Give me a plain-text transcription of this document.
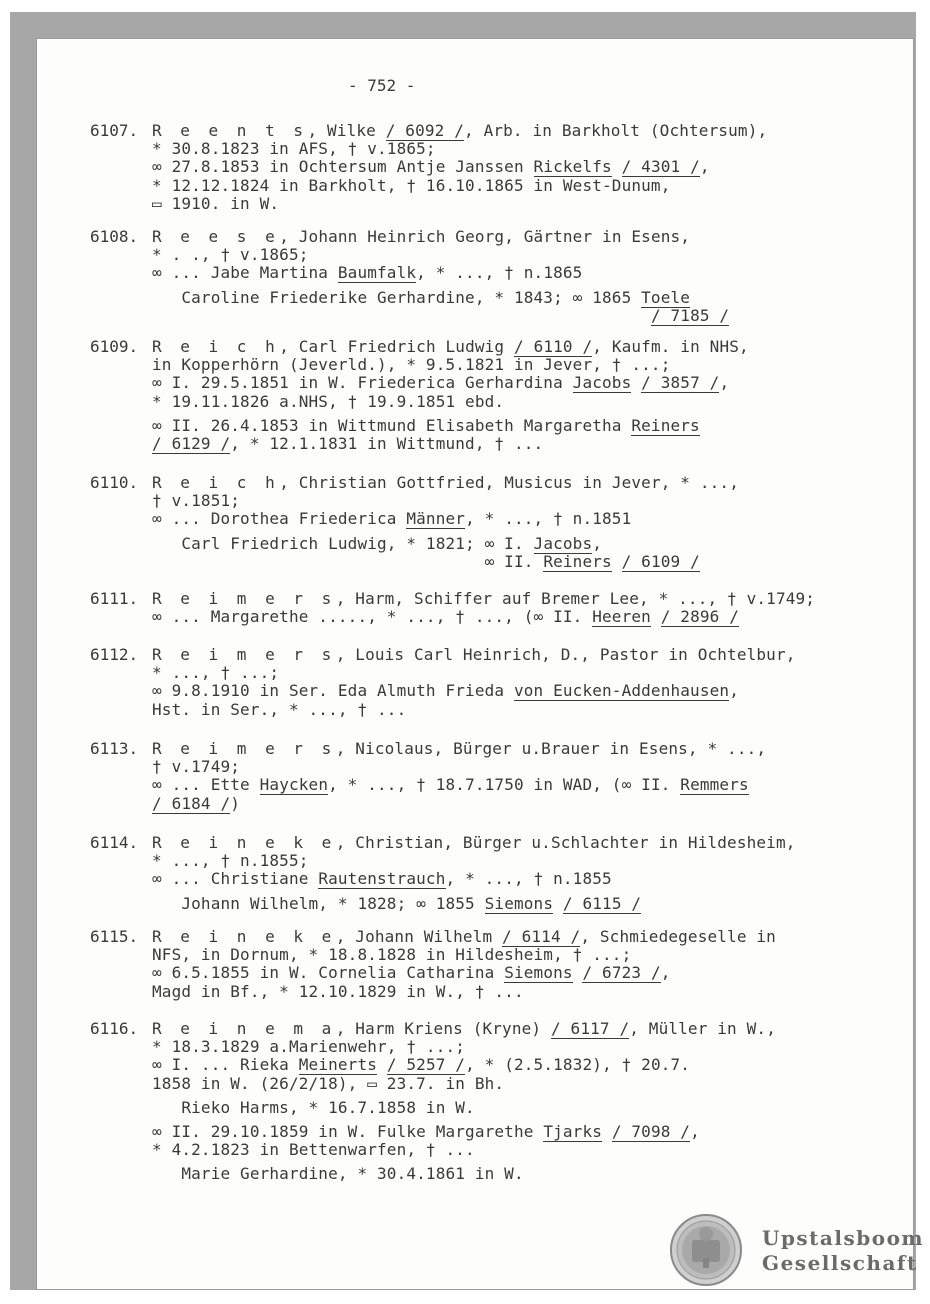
- 752 -
6107. R e e n t s, Wilke / 6092 /, Arb. in Barkholt (Ochtersum),
* 30.8.1823 in AFS, † v.1865;
∞ 27.8.1853 in Ochtersum Antje Janssen Rickelfs / 4301 /,
* 12.12.1824 in Barkholt, † 16.10.1865 in West-Dunum,
▭ 1910. in W.
6108. R e e s e, Johann Heinrich Georg, Gärtner in Esens,
* . ., † v.1865;
∞ ... Jabe Martina Baumfalk, * ..., † n.1865
Caroline Friederike Gerhardine, * 1843; ∞ 1865 Toele
/ 7185 /
6109. R e i c h, Carl Friedrich Ludwig / 6110 /, Kaufm. in NHS,
in Kopperhörn (Jeverld.), * 9.5.1821 in Jever, † ...;
∞ I. 29.5.1851 in W. Friederica Gerhardina Jacobs / 3857 /,
* 19.11.1826 a.NHS, † 19.9.1851 ebd.
∞ II. 26.4.1853 in Wittmund Elisabeth Margaretha Reiners
/ 6129 /, * 12.1.1831 in Wittmund, † ...
6110. R e i c h, Christian Gottfried, Musicus in Jever, * ...,
† v.1851;
∞ ... Dorothea Friederica Männer, * ..., † n.1851
Carl Friedrich Ludwig, * 1821; ∞ I. Jacobs,
∞ II. Reiners / 6109 /
6111. R e i m e r s, Harm, Schiffer auf Bremer Lee, * ..., † v.1749;
∞ ... Margarethe ....., * ..., † ..., (∞ II. Heeren / 2896 /
6112. R e i m e r s, Louis Carl Heinrich, D., Pastor in Ochtelbur,
* ..., † ...;
∞ 9.8.1910 in Ser. Eda Almuth Frieda von Eucken-Addenhausen,
Hst. in Ser., * ..., † ...
6113. R e i m e r s, Nicolaus, Bürger u.Brauer in Esens, * ...,
† v.1749;
∞ ... Ette Haycken, * ..., † 18.7.1750 in WAD, (∞ II. Remmers
/ 6184 /)
6114. R e i n e k e, Christian, Bürger u.Schlachter in Hildesheim,
* ..., † n.1855;
∞ ... Christiane Rautenstrauch, * ..., † n.1855
Johann Wilhelm, * 1828; ∞ 1855 Siemons / 6115 /
6115. R e i n e k e, Johann Wilhelm / 6114 /, Schmiedegeselle in
NFS, in Dornum, * 18.8.1828 in Hildesheim, † ...;
∞ 6.5.1855 in W. Cornelia Catharina Siemons / 6723 /,
Magd in Bf., * 12.10.1829 in W., † ...
6116. R e i n e m a, Harm Kriens (Kryne) / 6117 /, Müller in W.,
* 18.3.1829 a.Marienwehr, † ...;
∞ I. ... Rieka Meinerts / 5257 /, * (2.5.1832), † 20.7.
1858 in W. (26/2/18), ▭ 23.7. in Bh.
Rieko Harms, * 16.7.1858 in W.
∞ II. 29.10.1859 in W. Fulke Margarethe Tjarks / 7098 /,
* 4.2.1823 in Bettenwarfen, † ...
Marie Gerhardine, * 30.4.1861 in W.
Upstalsboom
Gesellschaft
